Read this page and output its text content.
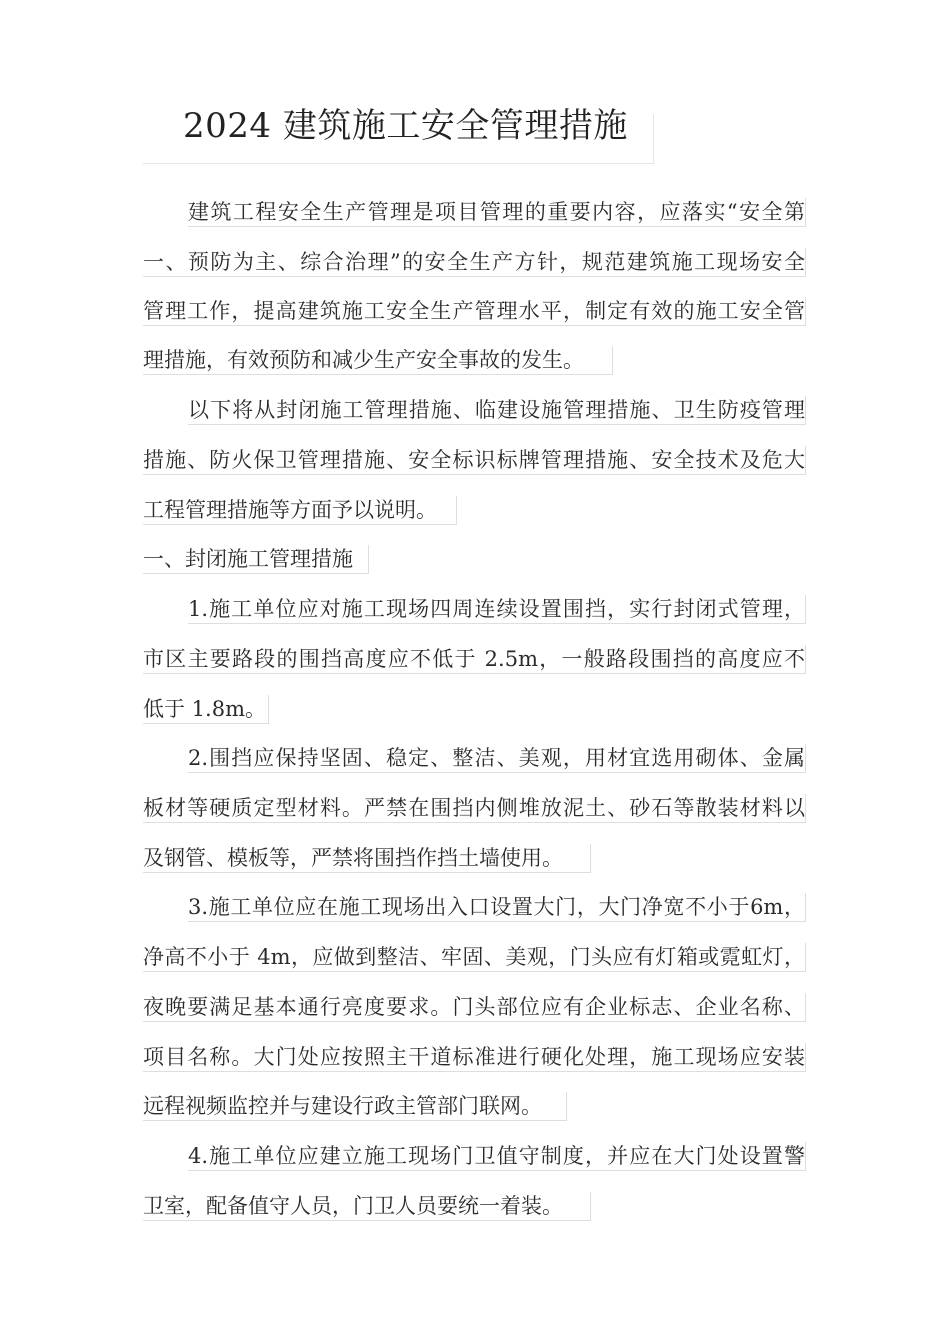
2024 建筑施工安全管理措施
建筑工程安全生产管理是项目管理的重要内容，应落实“安全第
一、预防为主、综合治理”的安全生产方针，规范建筑施工现场安全
管理工作，提高建筑施工安全生产管理水平，制定有效的施工安全管
理措施，有效预防和减少生产安全事故的发生。
以下将从封闭施工管理措施、临建设施管理措施、卫生防疫管理
措施、防火保卫管理措施、安全标识标牌管理措施、安全技术及危大
工程管理措施等方面予以说明。
一、封闭施工管理措施
1.施工单位应对施工现场四周连续设置围挡，实行封闭式管理，
市区主要路段的围挡高度应不低于 2.5m，一般路段围挡的高度应不
低于 1.8m。
2.围挡应保持坚固、稳定、整洁、美观，用材宜选用砌体、金属
板材等硬质定型材料。严禁在围挡内侧堆放泥土、砂石等散装材料以
及钢管、模板等，严禁将围挡作挡土墙使用。
3.施工单位应在施工现场出入口设置大门，大门净宽不小于6m，
净高不小于 4m，应做到整洁、牢固、美观，门头应有灯箱或霓虹灯，
夜晚要满足基本通行亮度要求。门头部位应有企业标志、企业名称、
项目名称。大门处应按照主干道标准进行硬化处理，施工现场应安装
远程视频监控并与建设行政主管部门联网。
4.施工单位应建立施工现场门卫值守制度，并应在大门处设置警
卫室，配备值守人员，门卫人员要统一着装。
